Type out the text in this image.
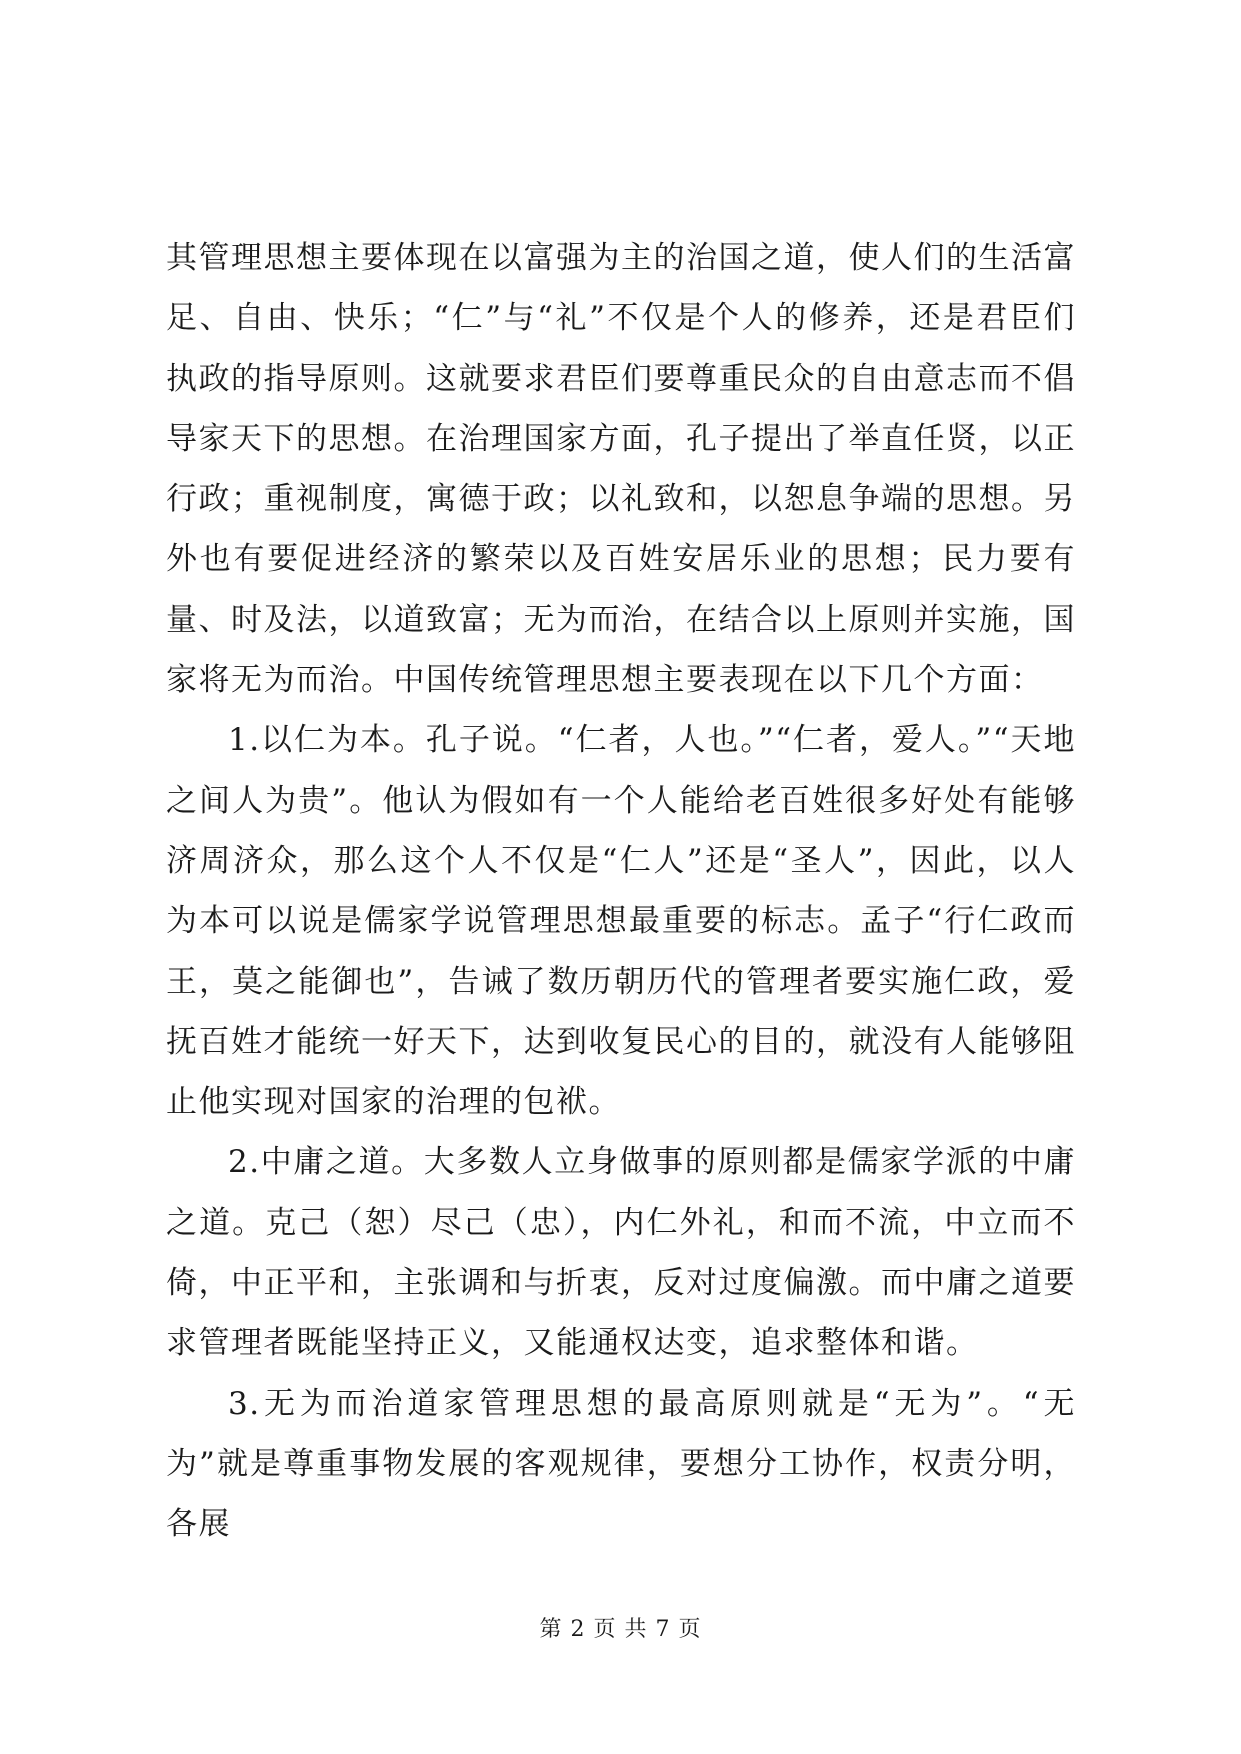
其管理思想主要体现在以富强为主的治国之道，使人们的生活富足、自由、快乐；“仁”与“礼”不仅是个人的修养，还是君臣们执政的指导原则。这就要求君臣们要尊重民众的自由意志而不倡导家天下的思想。在治理国家方面，孔子提出了举直任贤，以正行政；重视制度，寓德于政；以礼致和，以恕息争端的思想。另外也有要促进经济的繁荣以及百姓安居乐业的思想；民力要有量、时及法，以道致富；无为而治，在结合以上原则并实施，国家将无为而治。中国传统管理思想主要表现在以下几个方面：

1.以仁为本。孔子说。“仁者，人也。”“仁者，爱人。”“天地之间人为贵”。他认为假如有一个人能给老百姓很多好处有能够济周济众，那么这个人不仅是“仁人”还是“圣人”，因此，以人为本可以说是儒家学说管理思想最重要的标志。孟子“行仁政而王，莫之能御也”，告诫了数历朝历代的管理者要实施仁政，爱抚百姓才能统一好天下，达到收复民心的目的，就没有人能够阻止他实现对国家的治理的包袱。

2.中庸之道。大多数人立身做事的原则都是儒家学派的中庸之道。克己（恕）尽己（忠），内仁外礼，和而不流，中立而不倚，中正平和，主张调和与折衷，反对过度偏激。而中庸之道要求管理者既能坚持正义，又能通权达变，追求整体和谐。

3.无为而治道家管理思想的最高原则就是“无为”。“无为”就是尊重事物发展的客观规律，要想分工协作，权责分明，各展

第 2 页 共 7 页
